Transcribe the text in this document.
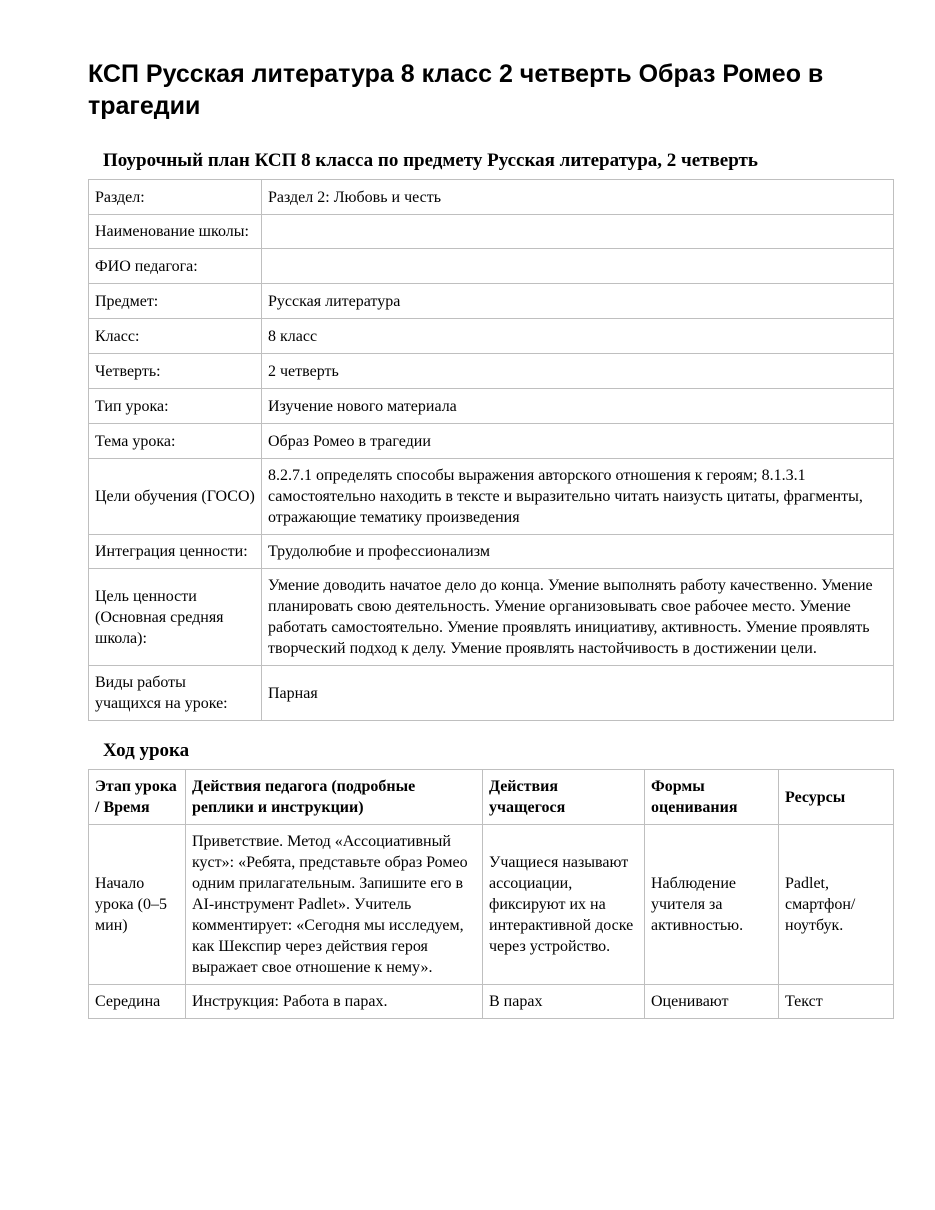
КСП Русская литература 8 класс 2 четверть Образ Ромео в трагедии
Поурочный план КСП 8 класса по предмету Русская литература, 2 четверть
Раздел:	Раздел 2: Любовь и честь
Наименование школы:	
ФИО педагога:	
Предмет:	Русская литература
Класс:	8 класс
Четверть:	2 четверть
Тип урока:	Изучение нового материала
Тема урока:	Образ Ромео в трагедии
Цели обучения (ГОСО)	8.2.7.1 определять способы выражения авторского отношения к героям; 8.1.3.1 самостоятельно находить в тексте и выразительно читать наизусть цитаты, фрагменты, отражающие тематику произведения
Интеграция ценности:	Трудолюбие и профессионализм
Цель ценности (Основная средняя школа):	Умение доводить начатое дело до конца. Умение выполнять работу качественно. Умение планировать свою деятельность. Умение организовывать свое рабочее место. Умение работать самостоятельно. Умение проявлять инициативу, активность. Умение проявлять творческий подход к делу. Умение проявлять настойчивость в достижении цели.
Виды работы учащихся на уроке:	Парная
Ход урока
Этап урока / Время	Действия педагога (подробные реплики и инструкции)	Действия учащегося	Формы оценивания	Ресурсы
Начало урока (0–5 мин)	Приветствие. Метод «Ассоциативный куст»: «Ребята, представьте образ Ромео одним прилагательным. Запишите его в AI-инструмент Padlet». Учитель комментирует: «Сегодня мы исследуем, как Шекспир через действия героя выражает свое отношение к нему».	Учащиеся называют ассоциации, фиксируют их на интерактивной доске через устройство.	Наблюдение учителя за активностью.	Padlet, смартфон/ноутбук.
Середина	Инструкция: Работа в парах.	В парах	Оценивают	Текст
